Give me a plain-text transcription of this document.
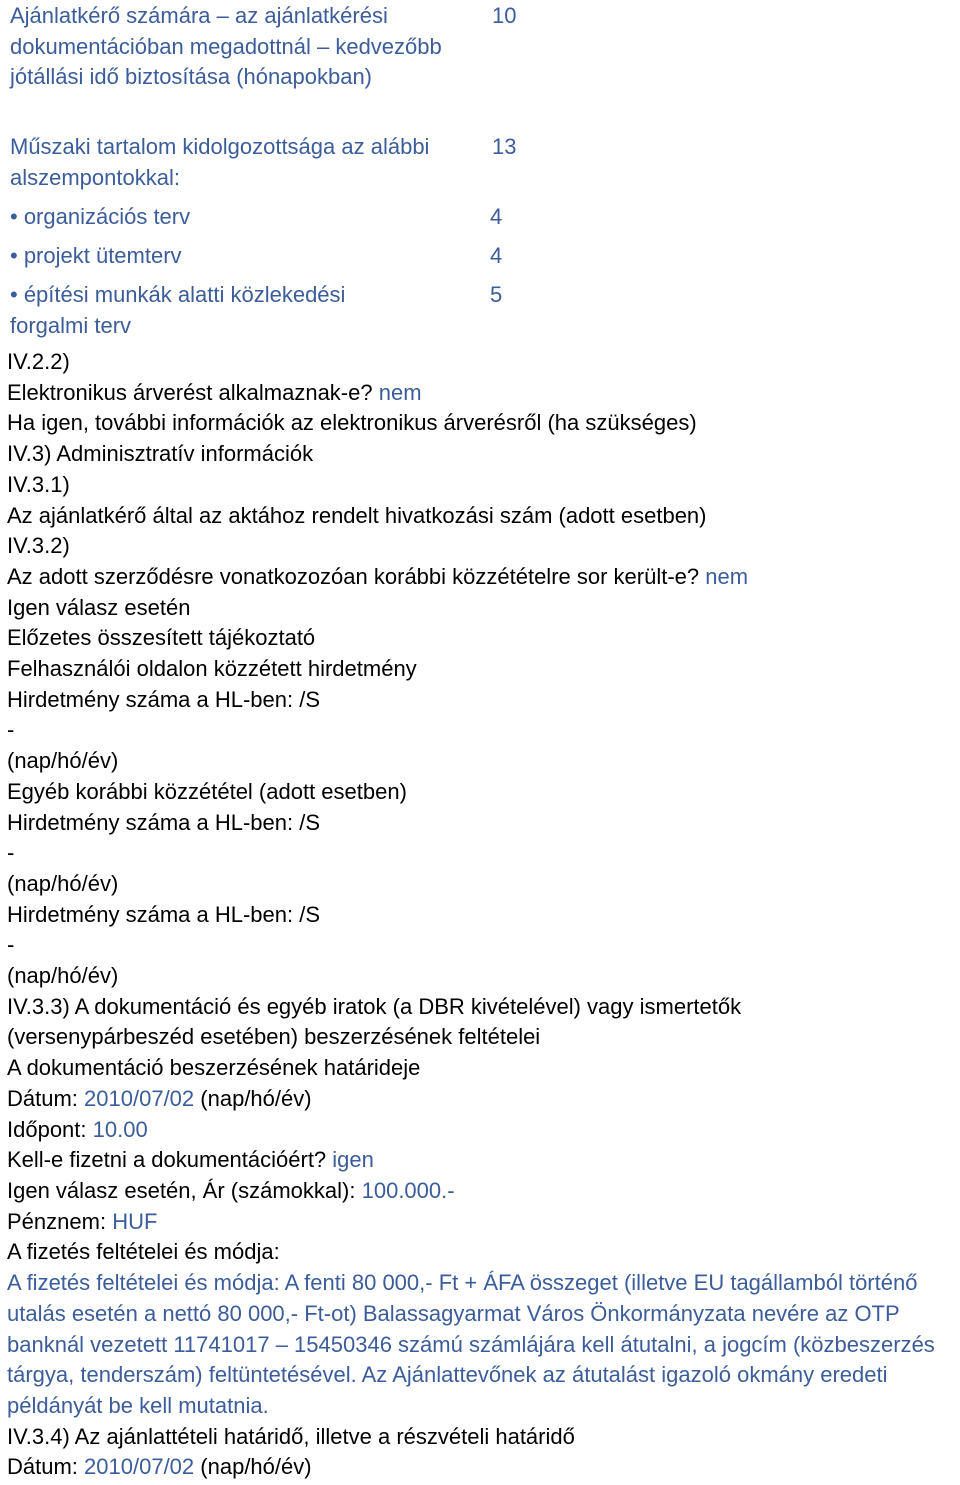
Ajánlatkérő számára – az ajánlatkérési dokumentációban megadottnál – kedvezőbb jótállási idő biztosítása (hónapokban)
10
Műszaki tartalom kidolgozottsága az alábbi alszempontokkal:
13
• organizációs terv	4
• projekt ütemterv	4
• építési munkák alatti közlekedési forgalmi terv
5
IV.2.2)
Elektronikus árverést alkalmaznak-e? nem
Ha igen, további információk az elektronikus árverésről (ha szükséges)
IV.3) Adminisztratív információk
IV.3.1)
Az ajánlatkérő által az aktához rendelt hivatkozási szám (adott esetben)
IV.3.2)
Az adott szerződésre vonatkozozóan korábbi közzétételre sor került-e? nem
Igen válasz esetén
Előzetes összesített tájékoztató
Felhasználói oldalon közzétett hirdetmény
Hirdetmény száma a HL-ben: /S
-
(nap/hó/év)
Egyéb korábbi közzététel (adott esetben)
Hirdetmény száma a HL-ben: /S
-
(nap/hó/év)
Hirdetmény száma a HL-ben: /S
-
(nap/hó/év)
IV.3.3) A dokumentáció és egyéb iratok (a DBR kivételével) vagy ismertetők (versenypárbeszéd esetében) beszerzésének feltételei
A dokumentáció beszerzésének határideje
Dátum: 2010/07/02 (nap/hó/év)
Időpont: 10.00
Kell-e fizetni a dokumentációért? igen
Igen válasz esetén, Ár (számokkal): 100.000.-
Pénznem: HUF
A fizetés feltételei és módja:
A fizetés feltételei és módja: A fenti 80 000,- Ft + ÁFA összeget (illetve EU tagállamból történő utalás esetén a nettó 80 000,- Ft-ot) Balassagyarmat Város Önkormányzata nevére az OTP banknál vezetett 11741017 – 15450346 számú számlájára kell átutalni, a jogcím (közbeszerzés tárgya, tenderszám) feltüntetésével. Az Ajánlattevőnek az átutalást igazoló okmány eredeti példányát be kell mutatnia.
IV.3.4) Az ajánlattételi határidő, illetve a részvételi határidő
Dátum: 2010/07/02 (nap/hó/év)
